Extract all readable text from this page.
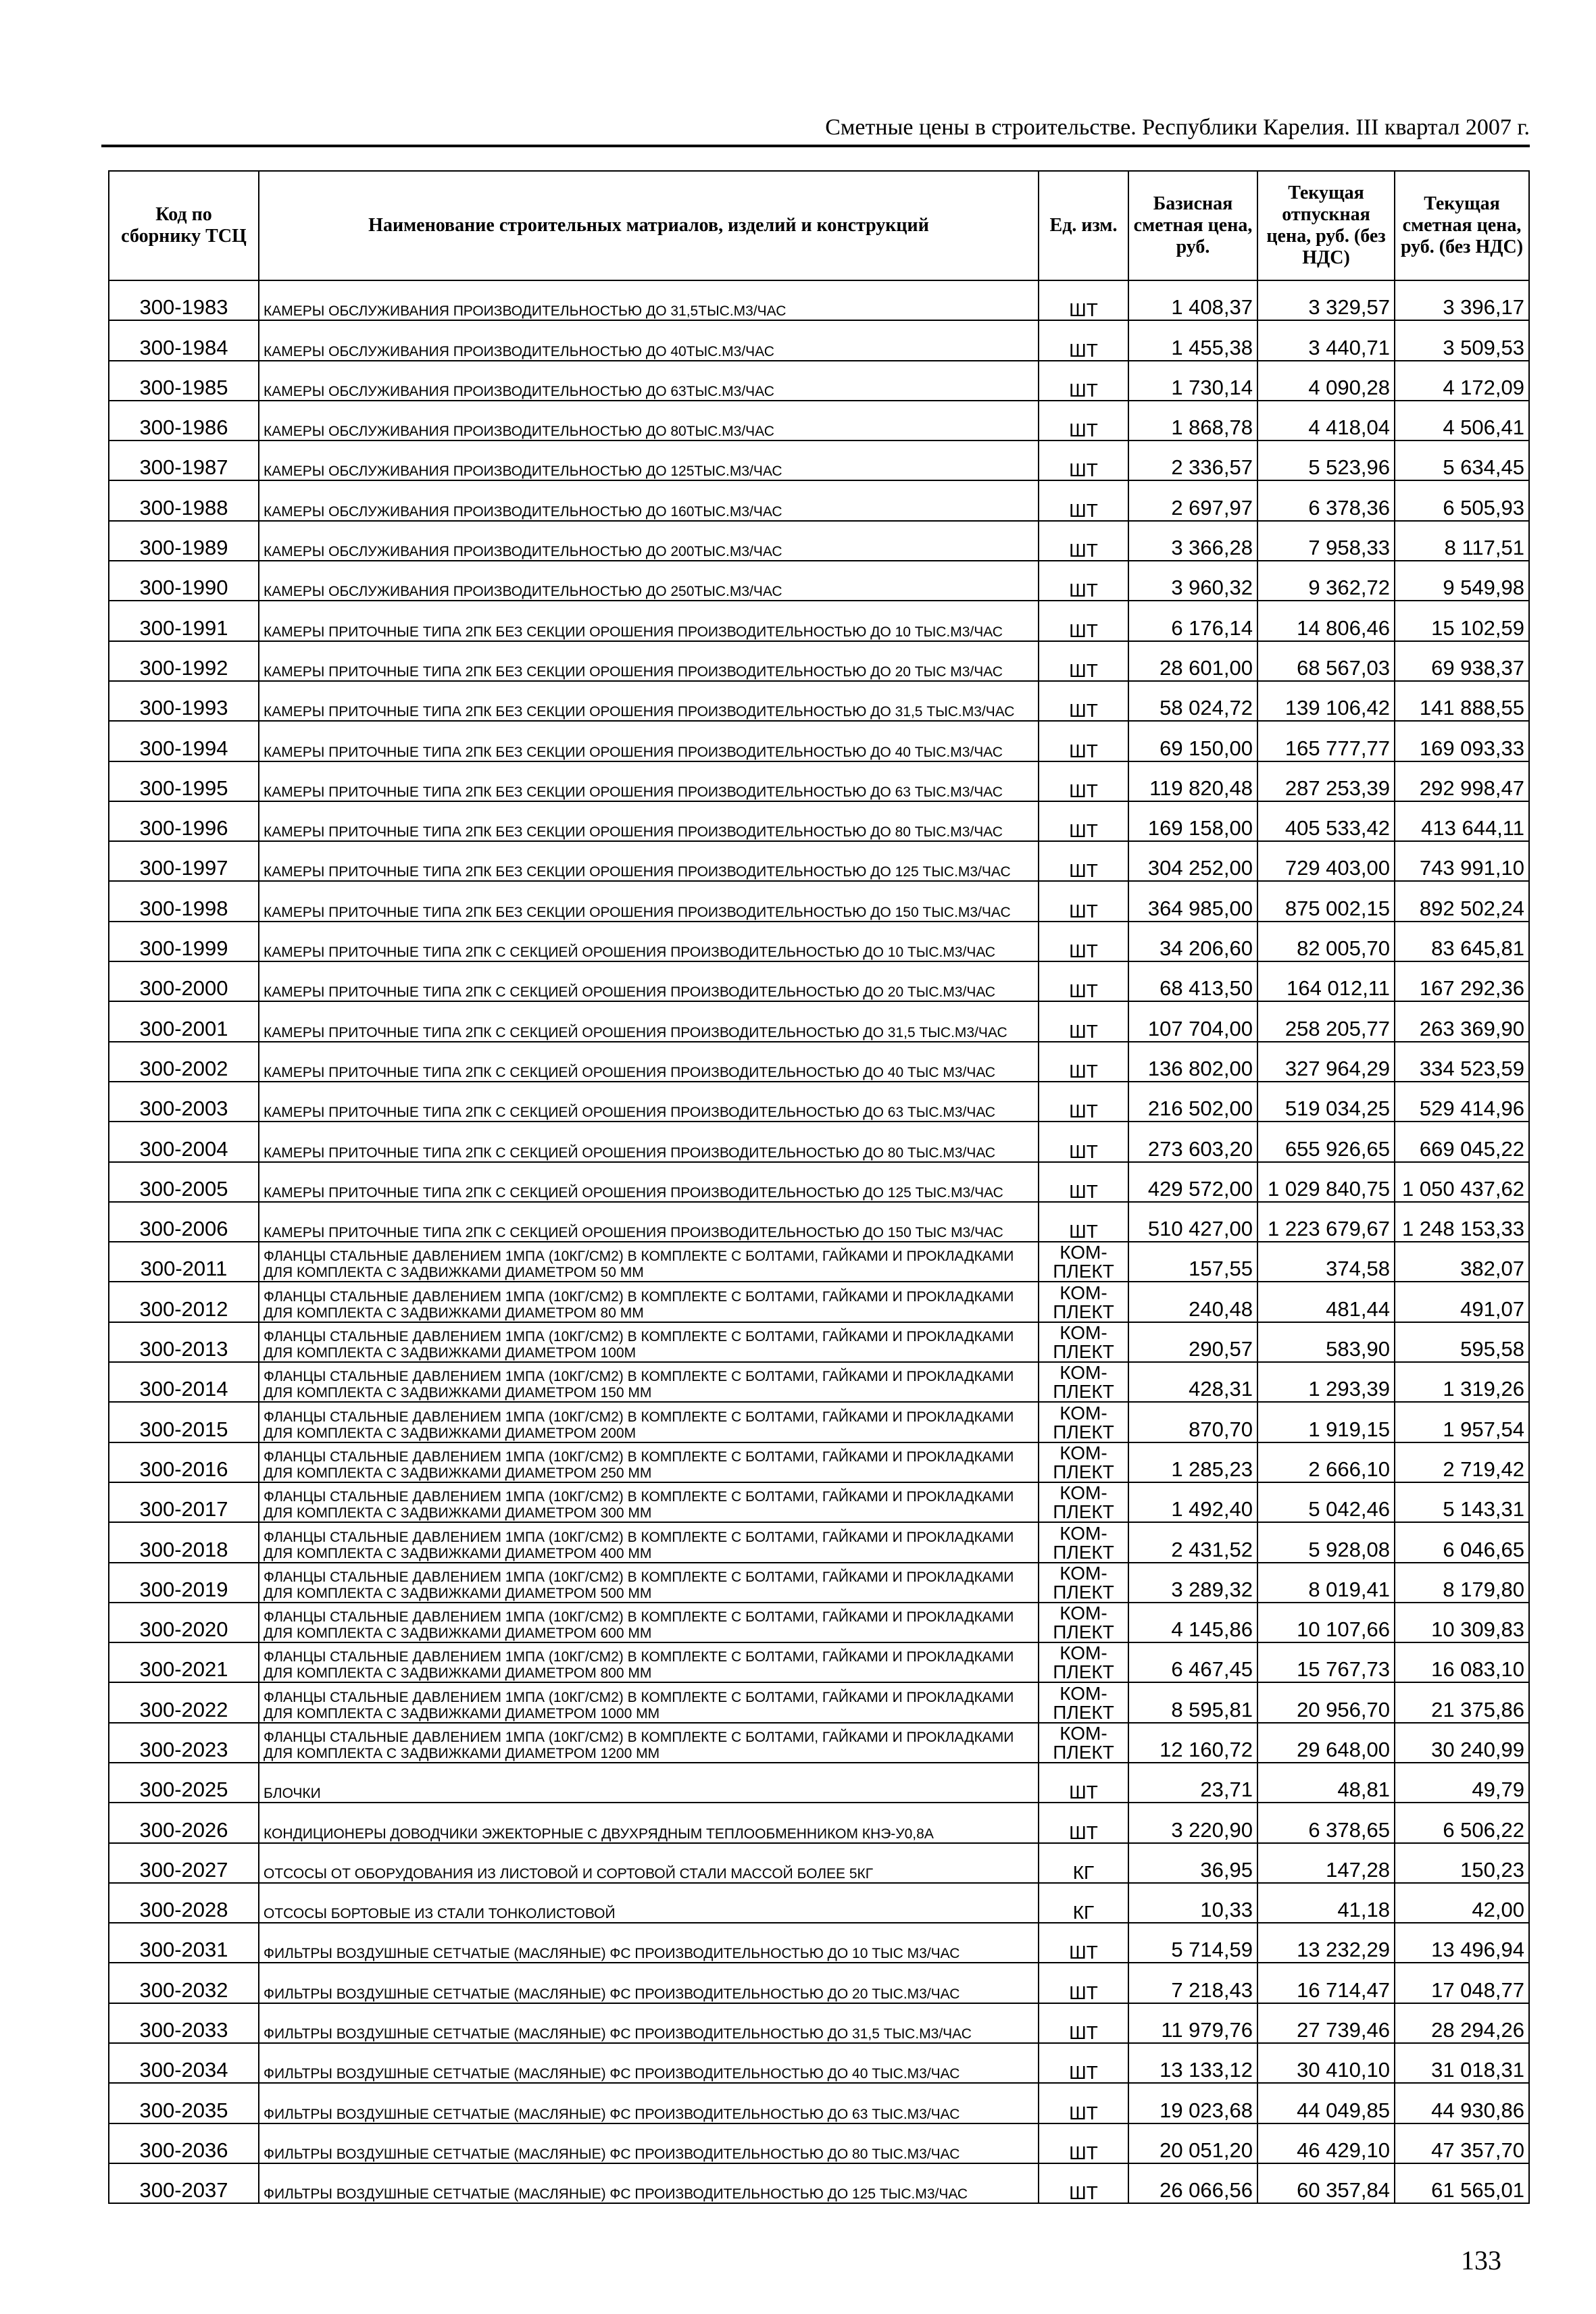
Сметные цены в строительстве. Республики Карелия. III квартал 2007 г.
Код по сборнику ТСЦ	Наименование строительных матриалов, изделий и конструкций	Ед. изм.	Базисная сметная цена, руб.	Текущая отпускная цена, руб. (без НДС)	Текущая сметная цена, руб. (без НДС)
300-1983	КАМЕРЫ ОБСЛУЖИВАНИЯ ПРОИЗВОДИТЕЛЬНОСТЬЮ ДО 31,5ТЫС.М3/ЧАС	ШТ	1 408,37	3 329,57	3 396,17
300-1984	КАМЕРЫ ОБСЛУЖИВАНИЯ ПРОИЗВОДИТЕЛЬНОСТЬЮ ДО 40ТЫС.М3/ЧАС	ШТ	1 455,38	3 440,71	3 509,53
300-1985	КАМЕРЫ ОБСЛУЖИВАНИЯ ПРОИЗВОДИТЕЛЬНОСТЬЮ ДО 63ТЫС.М3/ЧАС	ШТ	1 730,14	4 090,28	4 172,09
300-1986	КАМЕРЫ ОБСЛУЖИВАНИЯ ПРОИЗВОДИТЕЛЬНОСТЬЮ ДО 80ТЫС.М3/ЧАС	ШТ	1 868,78	4 418,04	4 506,41
300-1987	КАМЕРЫ ОБСЛУЖИВАНИЯ ПРОИЗВОДИТЕЛЬНОСТЬЮ ДО 125ТЫС.М3/ЧАС	ШТ	2 336,57	5 523,96	5 634,45
300-1988	КАМЕРЫ ОБСЛУЖИВАНИЯ ПРОИЗВОДИТЕЛЬНОСТЬЮ ДО 160ТЫС.М3/ЧАС	ШТ	2 697,97	6 378,36	6 505,93
300-1989	КАМЕРЫ ОБСЛУЖИВАНИЯ ПРОИЗВОДИТЕЛЬНОСТЬЮ ДО 200ТЫС.М3/ЧАС	ШТ	3 366,28	7 958,33	8 117,51
300-1990	КАМЕРЫ ОБСЛУЖИВАНИЯ ПРОИЗВОДИТЕЛЬНОСТЬЮ ДО 250ТЫС.М3/ЧАС	ШТ	3 960,32	9 362,72	9 549,98
300-1991	КАМЕРЫ ПРИТОЧНЫЕ ТИПА 2ПК БЕЗ СЕКЦИИ ОРОШЕНИЯ ПРОИЗВОДИТЕЛЬНОСТЬЮ ДО 10 ТЫС.М3/ЧАС	ШТ	6 176,14	14 806,46	15 102,59
300-1992	КАМЕРЫ ПРИТОЧНЫЕ ТИПА 2ПК БЕЗ СЕКЦИИ ОРОШЕНИЯ ПРОИЗВОДИТЕЛЬНОСТЬЮ ДО 20 ТЫС М3/ЧАС	ШТ	28 601,00	68 567,03	69 938,37
300-1993	КАМЕРЫ ПРИТОЧНЫЕ ТИПА 2ПК БЕЗ СЕКЦИИ ОРОШЕНИЯ ПРОИЗВОДИТЕЛЬНОСТЬЮ ДО 31,5 ТЫС.М3/ЧАС	ШТ	58 024,72	139 106,42	141 888,55
300-1994	КАМЕРЫ ПРИТОЧНЫЕ ТИПА 2ПК БЕЗ СЕКЦИИ ОРОШЕНИЯ ПРОИЗВОДИТЕЛЬНОСТЬЮ ДО 40 ТЫС.М3/ЧАС	ШТ	69 150,00	165 777,77	169 093,33
300-1995	КАМЕРЫ ПРИТОЧНЫЕ ТИПА 2ПК БЕЗ СЕКЦИИ ОРОШЕНИЯ ПРОИЗВОДИТЕЛЬНОСТЬЮ ДО 63 ТЫС.М3/ЧАС	ШТ	119 820,48	287 253,39	292 998,47
300-1996	КАМЕРЫ ПРИТОЧНЫЕ ТИПА 2ПК БЕЗ СЕКЦИИ ОРОШЕНИЯ ПРОИЗВОДИТЕЛЬНОСТЬЮ ДО 80 ТЫС.М3/ЧАС	ШТ	169 158,00	405 533,42	413 644,11
300-1997	КАМЕРЫ ПРИТОЧНЫЕ ТИПА 2ПК БЕЗ СЕКЦИИ ОРОШЕНИЯ ПРОИЗВОДИТЕЛЬНОСТЬЮ ДО 125 ТЫС.М3/ЧАС	ШТ	304 252,00	729 403,00	743 991,10
300-1998	КАМЕРЫ ПРИТОЧНЫЕ ТИПА 2ПК БЕЗ СЕКЦИИ ОРОШЕНИЯ ПРОИЗВОДИТЕЛЬНОСТЬЮ ДО 150 ТЫС.М3/ЧАС	ШТ	364 985,00	875 002,15	892 502,24
300-1999	КАМЕРЫ ПРИТОЧНЫЕ ТИПА 2ПК С СЕКЦИЕЙ ОРОШЕНИЯ ПРОИЗВОДИТЕЛЬНОСТЬЮ ДО 10 ТЫС.М3/ЧАС	ШТ	34 206,60	82 005,70	83 645,81
300-2000	КАМЕРЫ ПРИТОЧНЫЕ ТИПА 2ПК С СЕКЦИЕЙ ОРОШЕНИЯ ПРОИЗВОДИТЕЛЬНОСТЬЮ ДО 20 ТЫС.М3/ЧАС	ШТ	68 413,50	164 012,11	167 292,36
300-2001	КАМЕРЫ ПРИТОЧНЫЕ ТИПА 2ПК С СЕКЦИЕЙ ОРОШЕНИЯ ПРОИЗВОДИТЕЛЬНОСТЬЮ ДО 31,5 ТЫС.М3/ЧАС	ШТ	107 704,00	258 205,77	263 369,90
300-2002	КАМЕРЫ ПРИТОЧНЫЕ ТИПА 2ПК С СЕКЦИЕЙ ОРОШЕНИЯ ПРОИЗВОДИТЕЛЬНОСТЬЮ ДО 40 ТЫС М3/ЧАС	ШТ	136 802,00	327 964,29	334 523,59
300-2003	КАМЕРЫ ПРИТОЧНЫЕ ТИПА 2ПК С СЕКЦИЕЙ ОРОШЕНИЯ ПРОИЗВОДИТЕЛЬНОСТЬЮ ДО 63 ТЫС.М3/ЧАС	ШТ	216 502,00	519 034,25	529 414,96
300-2004	КАМЕРЫ ПРИТОЧНЫЕ ТИПА 2ПК С СЕКЦИЕЙ ОРОШЕНИЯ ПРОИЗВОДИТЕЛЬНОСТЬЮ ДО 80 ТЫС.М3/ЧАС	ШТ	273 603,20	655 926,65	669 045,22
300-2005	КАМЕРЫ ПРИТОЧНЫЕ ТИПА 2ПК С СЕКЦИЕЙ ОРОШЕНИЯ ПРОИЗВОДИТЕЛЬНОСТЬЮ ДО 125 ТЫС.М3/ЧАС	ШТ	429 572,00	1 029 840,75	1 050 437,62
300-2006	КАМЕРЫ ПРИТОЧНЫЕ ТИПА 2ПК С СЕКЦИЕЙ ОРОШЕНИЯ ПРОИЗВОДИТЕЛЬНОСТЬЮ ДО 150 ТЫС М3/ЧАС	ШТ	510 427,00	1 223 679,67	1 248 153,33
300-2011	ФЛАНЦЫ СТАЛЬНЫЕ ДАВЛЕНИЕМ 1МПА (10КГ/СМ2) В КОМПЛЕКТЕ С БОЛТАМИ, ГАЙКАМИ И ПРОКЛАДКАМИ ДЛЯ КОМПЛЕКТА С ЗАДВИЖКАМИ ДИАМЕТРОМ 50 ММ	КОМ-ПЛЕКТ	157,55	374,58	382,07
300-2012	ФЛАНЦЫ СТАЛЬНЫЕ ДАВЛЕНИЕМ 1МПА (10КГ/СМ2) В КОМПЛЕКТЕ С БОЛТАМИ, ГАЙКАМИ И ПРОКЛАДКАМИ ДЛЯ КОМПЛЕКТА С ЗАДВИЖКАМИ ДИАМЕТРОМ 80 ММ	КОМ-ПЛЕКТ	240,48	481,44	491,07
300-2013	ФЛАНЦЫ СТАЛЬНЫЕ ДАВЛЕНИЕМ 1МПА (10КГ/СМ2) В КОМПЛЕКТЕ С БОЛТАМИ, ГАЙКАМИ И ПРОКЛАДКАМИ ДЛЯ КОМПЛЕКТА С ЗАДВИЖКАМИ ДИАМЕТРОМ 100М	КОМ-ПЛЕКТ	290,57	583,90	595,58
300-2014	ФЛАНЦЫ СТАЛЬНЫЕ ДАВЛЕНИЕМ 1МПА (10КГ/СМ2) В КОМПЛЕКТЕ С БОЛТАМИ, ГАЙКАМИ И ПРОКЛАДКАМИ ДЛЯ КОМПЛЕКТА С ЗАДВИЖКАМИ ДИАМЕТРОМ 150 ММ	КОМ-ПЛЕКТ	428,31	1 293,39	1 319,26
300-2015	ФЛАНЦЫ СТАЛЬНЫЕ ДАВЛЕНИЕМ 1МПА (10КГ/СМ2) В КОМПЛЕКТЕ С БОЛТАМИ, ГАЙКАМИ И ПРОКЛАДКАМИ ДЛЯ КОМПЛЕКТА С ЗАДВИЖКАМИ ДИАМЕТРОМ 200М	КОМ-ПЛЕКТ	870,70	1 919,15	1 957,54
300-2016	ФЛАНЦЫ СТАЛЬНЫЕ ДАВЛЕНИЕМ 1МПА (10КГ/СМ2) В КОМПЛЕКТЕ С БОЛТАМИ, ГАЙКАМИ И ПРОКЛАДКАМИ ДЛЯ КОМПЛЕКТА С ЗАДВИЖКАМИ ДИАМЕТРОМ 250 ММ	КОМ-ПЛЕКТ	1 285,23	2 666,10	2 719,42
300-2017	ФЛАНЦЫ СТАЛЬНЫЕ ДАВЛЕНИЕМ 1МПА (10КГ/СМ2) В КОМПЛЕКТЕ С БОЛТАМИ, ГАЙКАМИ И ПРОКЛАДКАМИ ДЛЯ КОМПЛЕКТА С ЗАДВИЖКАМИ ДИАМЕТРОМ 300 ММ	КОМ-ПЛЕКТ	1 492,40	5 042,46	5 143,31
300-2018	ФЛАНЦЫ СТАЛЬНЫЕ ДАВЛЕНИЕМ 1МПА (10КГ/СМ2) В КОМПЛЕКТЕ С БОЛТАМИ, ГАЙКАМИ И ПРОКЛАДКАМИ ДЛЯ КОМПЛЕКТА С ЗАДВИЖКАМИ ДИАМЕТРОМ 400 ММ	КОМ-ПЛЕКТ	2 431,52	5 928,08	6 046,65
300-2019	ФЛАНЦЫ СТАЛЬНЫЕ ДАВЛЕНИЕМ 1МПА (10КГ/СМ2) В КОМПЛЕКТЕ С БОЛТАМИ, ГАЙКАМИ И ПРОКЛАДКАМИ ДЛЯ КОМПЛЕКТА С ЗАДВИЖКАМИ ДИАМЕТРОМ 500 ММ	КОМ-ПЛЕКТ	3 289,32	8 019,41	8 179,80
300-2020	ФЛАНЦЫ СТАЛЬНЫЕ ДАВЛЕНИЕМ 1МПА (10КГ/СМ2) В КОМПЛЕКТЕ С БОЛТАМИ, ГАЙКАМИ И ПРОКЛАДКАМИ ДЛЯ КОМПЛЕКТА С ЗАДВИЖКАМИ ДИАМЕТРОМ 600 ММ	КОМ-ПЛЕКТ	4 145,86	10 107,66	10 309,83
300-2021	ФЛАНЦЫ СТАЛЬНЫЕ ДАВЛЕНИЕМ 1МПА (10КГ/СМ2) В КОМПЛЕКТЕ С БОЛТАМИ, ГАЙКАМИ И ПРОКЛАДКАМИ ДЛЯ КОМПЛЕКТА С ЗАДВИЖКАМИ ДИАМЕТРОМ 800 ММ	КОМ-ПЛЕКТ	6 467,45	15 767,73	16 083,10
300-2022	ФЛАНЦЫ СТАЛЬНЫЕ ДАВЛЕНИЕМ 1МПА (10КГ/СМ2) В КОМПЛЕКТЕ С БОЛТАМИ, ГАЙКАМИ И ПРОКЛАДКАМИ ДЛЯ КОМПЛЕКТА С ЗАДВИЖКАМИ ДИАМЕТРОМ 1000 ММ	КОМ-ПЛЕКТ	8 595,81	20 956,70	21 375,86
300-2023	ФЛАНЦЫ СТАЛЬНЫЕ ДАВЛЕНИЕМ 1МПА (10КГ/СМ2) В КОМПЛЕКТЕ С БОЛТАМИ, ГАЙКАМИ И ПРОКЛАДКАМИ ДЛЯ КОМПЛЕКТА С ЗАДВИЖКАМИ ДИАМЕТРОМ 1200 ММ	КОМ-ПЛЕКТ	12 160,72	29 648,00	30 240,99
300-2025	БЛОЧКИ	ШТ	23,71	48,81	49,79
300-2026	КОНДИЦИОНЕРЫ ДОВОДЧИКИ ЭЖЕКТОРНЫЕ С ДВУХРЯДНЫМ ТЕПЛООБМЕННИКОМ КНЭ-У0,8А	ШТ	3 220,90	6 378,65	6 506,22
300-2027	ОТСОСЫ ОТ ОБОРУДОВАНИЯ ИЗ ЛИСТОВОЙ И СОРТОВОЙ СТАЛИ МАССОЙ БОЛЕЕ 5КГ	КГ	36,95	147,28	150,23
300-2028	ОТСОСЫ БОРТОВЫЕ ИЗ СТАЛИ ТОНКОЛИСТОВОЙ	КГ	10,33	41,18	42,00
300-2031	ФИЛЬТРЫ ВОЗДУШНЫЕ СЕТЧАТЫЕ (МАСЛЯНЫЕ) ФС ПРОИЗВОДИТЕЛЬНОСТЬЮ ДО 10 ТЫС М3/ЧАС	ШТ	5 714,59	13 232,29	13 496,94
300-2032	ФИЛЬТРЫ ВОЗДУШНЫЕ СЕТЧАТЫЕ (МАСЛЯНЫЕ) ФС ПРОИЗВОДИТЕЛЬНОСТЬЮ ДО 20 ТЫС.М3/ЧАС	ШТ	7 218,43	16 714,47	17 048,77
300-2033	ФИЛЬТРЫ ВОЗДУШНЫЕ СЕТЧАТЫЕ (МАСЛЯНЫЕ) ФС ПРОИЗВОДИТЕЛЬНОСТЬЮ ДО 31,5 ТЫС.М3/ЧАС	ШТ	11 979,76	27 739,46	28 294,26
300-2034	ФИЛЬТРЫ ВОЗДУШНЫЕ СЕТЧАТЫЕ (МАСЛЯНЫЕ) ФС ПРОИЗВОДИТЕЛЬНОСТЬЮ ДО 40 ТЫС.М3/ЧАС	ШТ	13 133,12	30 410,10	31 018,31
300-2035	ФИЛЬТРЫ ВОЗДУШНЫЕ СЕТЧАТЫЕ (МАСЛЯНЫЕ) ФС ПРОИЗВОДИТЕЛЬНОСТЬЮ ДО 63 ТЫС.М3/ЧАС	ШТ	19 023,68	44 049,85	44 930,86
300-2036	ФИЛЬТРЫ ВОЗДУШНЫЕ СЕТЧАТЫЕ (МАСЛЯНЫЕ) ФС ПРОИЗВОДИТЕЛЬНОСТЬЮ ДО 80 ТЫС.М3/ЧАС	ШТ	20 051,20	46 429,10	47 357,70
300-2037	ФИЛЬТРЫ ВОЗДУШНЫЕ СЕТЧАТЫЕ (МАСЛЯНЫЕ) ФС ПРОИЗВОДИТЕЛЬНОСТЬЮ ДО 125 ТЫС.М3/ЧАС	ШТ	26 066,56	60 357,84	61 565,01
133
